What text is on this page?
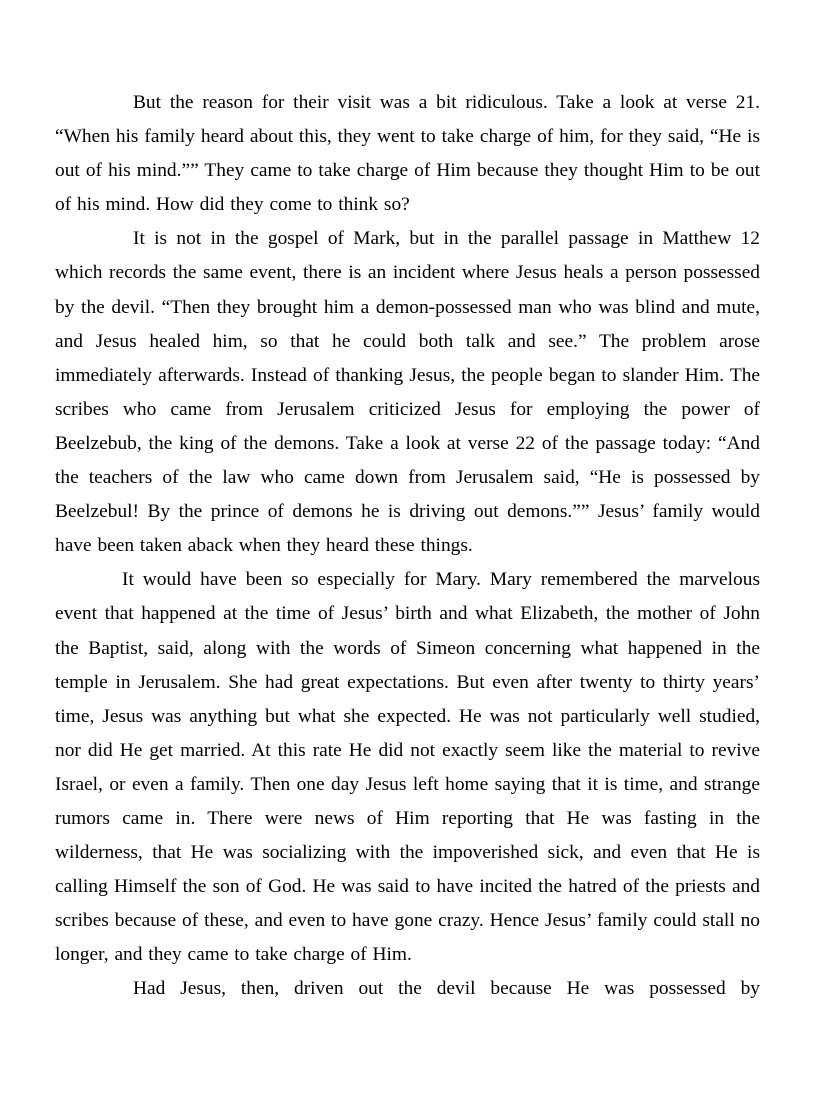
But the reason for their visit was a bit ridiculous. Take a look at verse 21. “When his family heard about this, they went to take charge of him, for they said, “He is out of his mind.”” They came to take charge of Him because they thought Him to be out of his mind. How did they come to think so?

It is not in the gospel of Mark, but in the parallel passage in Matthew 12 which records the same event, there is an incident where Jesus heals a person possessed by the devil. “Then they brought him a demon-possessed man who was blind and mute, and Jesus healed him, so that he could both talk and see.” The problem arose immediately afterwards. Instead of thanking Jesus, the people began to slander Him. The scribes who came from Jerusalem criticized Jesus for employing the power of Beelzebub, the king of the demons. Take a look at verse 22 of the passage today: “And the teachers of the law who came down from Jerusalem said, “He is possessed by Beelzebul! By the prince of demons he is driving out demons.”” Jesus’ family would have been taken aback when they heard these things.

It would have been so especially for Mary. Mary remembered the marvelous event that happened at the time of Jesus’ birth and what Elizabeth, the mother of John the Baptist, said, along with the words of Simeon concerning what happened in the temple in Jerusalem. She had great expectations. But even after twenty to thirty years’ time, Jesus was anything but what she expected. He was not particularly well studied, nor did He get married. At this rate He did not exactly seem like the material to revive Israel, or even a family. Then one day Jesus left home saying that it is time, and strange rumors came in. There were news of Him reporting that He was fasting in the wilderness, that He was socializing with the impoverished sick, and even that He is calling Himself the son of God. He was said to have incited the hatred of the priests and scribes because of these, and even to have gone crazy. Hence Jesus’ family could stall no longer, and they came to take charge of Him.

Had Jesus, then, driven out the devil because He was possessed by
